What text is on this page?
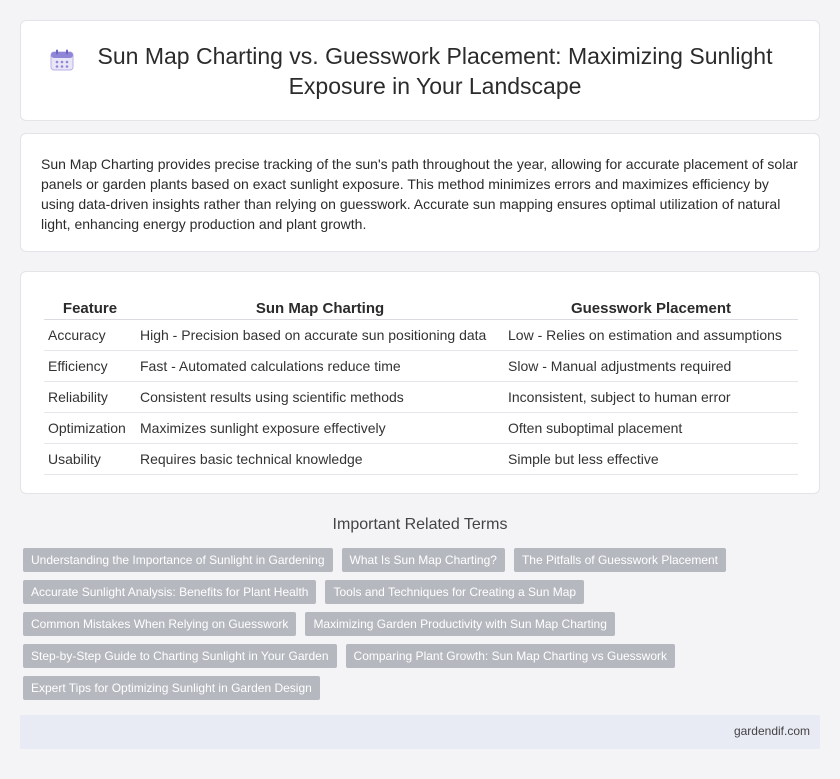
Sun Map Charting vs. Guesswork Placement: Maximizing Sunlight Exposure in Your Landscape

Sun Map Charting provides precise tracking of the sun's path throughout the year, allowing for accurate placement of solar panels or garden plants based on exact sunlight exposure. This method minimizes errors and maximizes efficiency by using data-driven insights rather than relying on guesswork. Accurate sun mapping ensures optimal utilization of natural light, enhancing energy production and plant growth.

Feature	Sun Map Charting	Guesswork Placement
Accuracy	High - Precision based on accurate sun positioning data	Low - Relies on estimation and assumptions
Efficiency	Fast - Automated calculations reduce time	Slow - Manual adjustments required
Reliability	Consistent results using scientific methods	Inconsistent, subject to human error
Optimization	Maximizes sunlight exposure effectively	Often suboptimal placement
Usability	Requires basic technical knowledge	Simple but less effective
Important Related Terms
Understanding the Importance of Sunlight in Gardening	What Is Sun Map Charting?	The Pitfalls of Guesswork Placement
Accurate Sunlight Analysis: Benefits for Plant Health	Tools and Techniques for Creating a Sun Map
Common Mistakes When Relying on Guesswork	Maximizing Garden Productivity with Sun Map Charting
Step-by-Step Guide to Charting Sunlight in Your Garden	Comparing Plant Growth: Sun Map Charting vs Guesswork
Expert Tips for Optimizing Sunlight in Garden Design
gardendif.com
